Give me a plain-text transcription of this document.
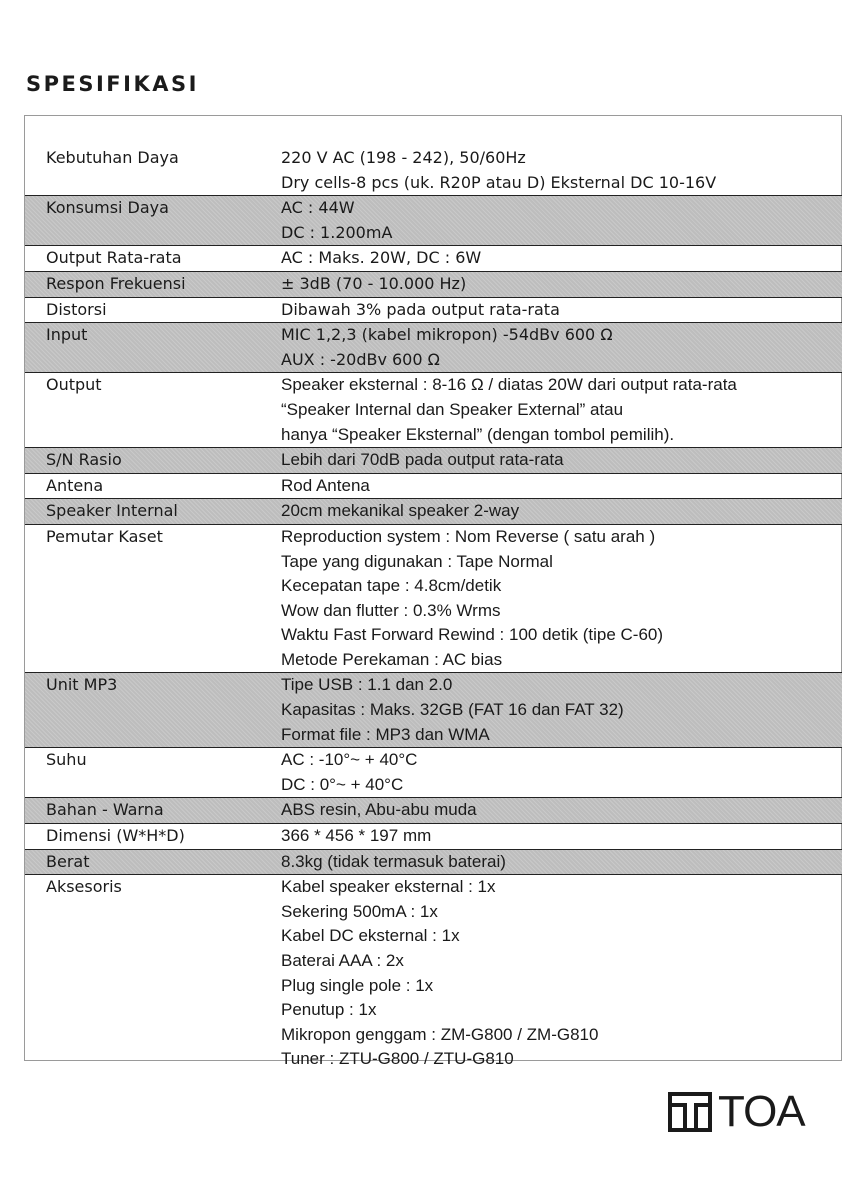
SPESIFIKASI
Kebutuhan Daya	220 V AC (198 - 242), 50/60Hz
Dry cells-8 pcs (uk. R20P atau D) Eksternal DC 10-16V
Konsumsi Daya	AC : 44W
DC : 1.200mA
Output Rata-rata	AC : Maks. 20W, DC : 6W
Respon Frekuensi	± 3dB (70 - 10.000 Hz)
Distorsi	Dibawah 3% pada output rata-rata
Input	MIC 1,2,3 (kabel mikropon) -54dBv 600 Ω
AUX : -20dBv 600 Ω
Output	Speaker eksternal : 8-16 Ω / diatas 20W dari output rata-rata
“Speaker Internal dan Speaker External” atau
hanya “Speaker Eksternal” (dengan tombol pemilih).
S/N Rasio	Lebih dari 70dB pada output rata-rata
Antena	Rod Antena
Speaker Internal	20cm mekanikal speaker 2-way
Pemutar Kaset	Reproduction system : Nom Reverse ( satu arah )
Tape yang digunakan : Tape Normal
Kecepatan tape : 4.8cm/detik
Wow dan flutter : 0.3% Wrms
Waktu Fast Forward Rewind : 100 detik (tipe C-60)
Metode Perekaman : AC bias
Unit MP3	Tipe USB : 1.1 dan 2.0
Kapasitas : Maks. 32GB (FAT 16 dan FAT 32)
Format file : MP3 dan WMA
Suhu	AC : -10°~ + 40°C
DC : 0°~ + 40°C
Bahan - Warna	ABS resin, Abu-abu muda
Dimensi (W*H*D)	366 * 456 * 197 mm
Berat	8.3kg (tidak termasuk baterai)
Aksesoris	Kabel speaker eksternal : 1x
Sekering 500mA : 1x
Kabel DC eksternal : 1x
Baterai AAA : 2x
Plug single pole : 1x
Penutup : 1x
Mikropon genggam : ZM-G800 / ZM-G810
Tuner : ZTU-G800 / ZTU-G810
TOA
